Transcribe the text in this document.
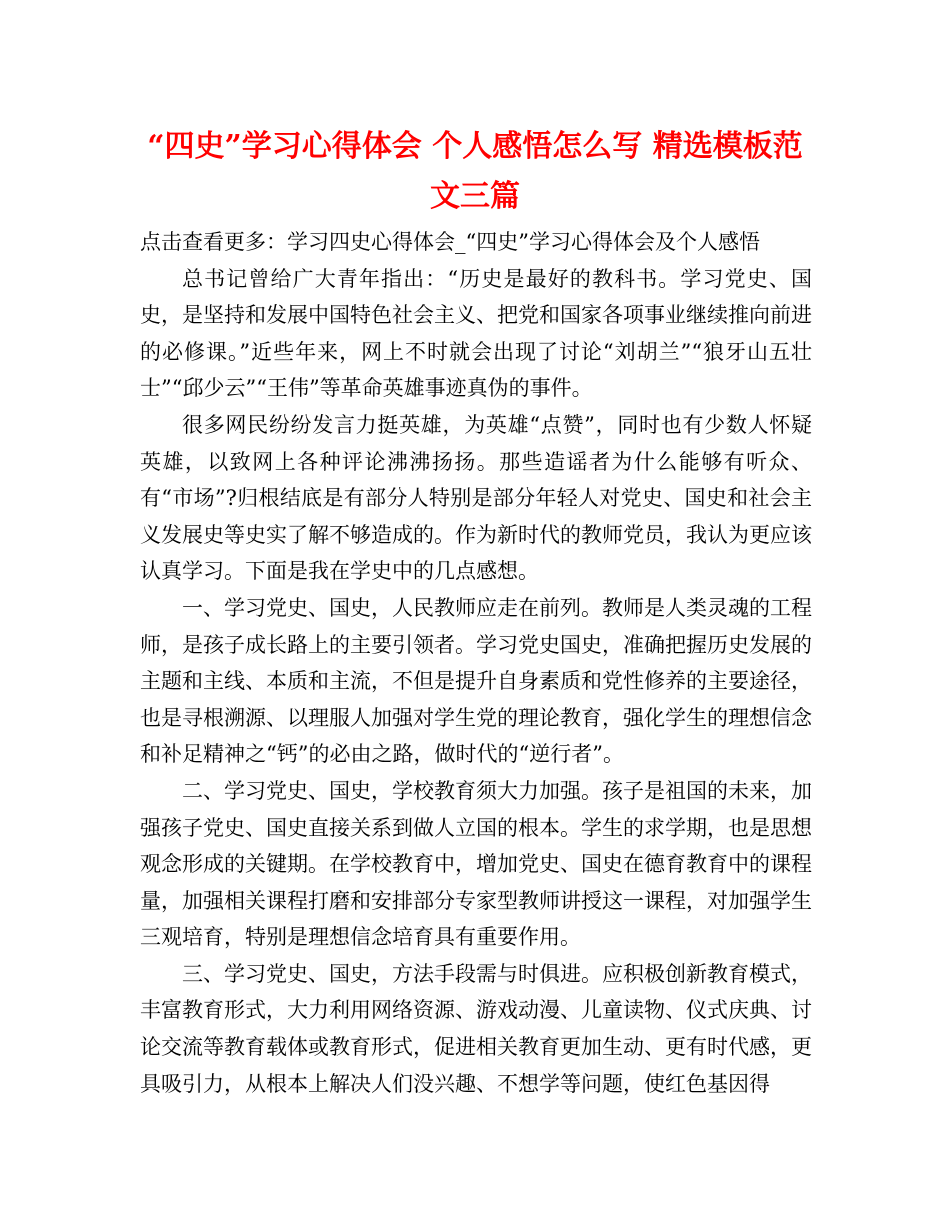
“四史”学习心得体会 个人感悟怎么写 精选模板范
文三篇

点击查看更多：学习四史心得体会_“四史”学习心得体会及个人感悟

总书记曾给广大青年指出：“历史是最好的教科书。学习党史、国史，是坚持和发展中国特色社会主义、把党和国家各项事业继续推向前进的必修课。”近些年来，网上不时就会出现了讨论“刘胡兰”“狼牙山五壮士”“邱少云”“王伟”等革命英雄事迹真伪的事件。

很多网民纷纷发言力挺英雄，为英雄“点赞”，同时也有少数人怀疑英雄，以致网上各种评论沸沸扬扬。那些造谣者为什么能够有听众、有“市场”?归根结底是有部分人特别是部分年轻人对党史、国史和社会主义发展史等史实了解不够造成的。作为新时代的教师党员，我认为更应该认真学习。下面是我在学史中的几点感想。

一、学习党史、国史，人民教师应走在前列。教师是人类灵魂的工程师，是孩子成长路上的主要引领者。学习党史国史，准确把握历史发展的主题和主线、本质和主流，不但是提升自身素质和党性修养的主要途径，也是寻根溯源、以理服人加强对学生党的理论教育，强化学生的理想信念和补足精神之“钙”的必由之路，做时代的“逆行者”。

二、学习党史、国史，学校教育须大力加强。孩子是祖国的未来，加强孩子党史、国史直接关系到做人立国的根本。学生的求学期，也是思想观念形成的关键期。在学校教育中，增加党史、国史在德育教育中的课程量，加强相关课程打磨和安排部分专家型教师讲授这一课程，对加强学生三观培育，特别是理想信念培育具有重要作用。

三、学习党史、国史，方法手段需与时俱进。应积极创新教育模式，丰富教育形式，大力利用网络资源、游戏动漫、儿童读物、仪式庆典、讨论交流等教育载体或教育形式，促进相关教育更加生动、更有时代感，更具吸引力，从根本上解决人们没兴趣、不想学等问题，使红色基因得
